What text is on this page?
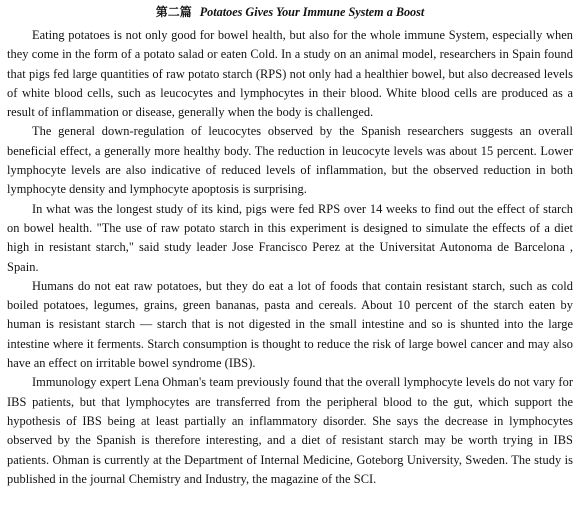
第二篇 Potatoes Gives Your Immune System a Boost

Eating potatoes is not only good for bowel health, but also for the whole immune System, especially when they come in the form of a potato salad or eaten Cold. In a study on an animal model, researchers in Spain found that pigs fed large quantities of raw potato starch (RPS) not only had a healthier bowel, but also decreased levels of white blood cells, such as leucocytes and lymphocytes in their blood. White blood cells are produced as a result of inflammation or disease, generally when the body is challenged.

The general down-regulation of leucocytes observed by the Spanish researchers suggests an overall beneficial effect, a generally more healthy body. The reduction in leucocyte levels was about 15 percent. Lower lymphocyte levels are also indicative of reduced levels of inflammation, but the observed reduction in both lymphocyte density and lymphocyte apoptosis is surprising.

In what was the longest study of its kind, pigs were fed RPS over 14 weeks to find out the effect of starch on bowel health. "The use of raw potato starch in this experiment is designed to simulate the effects of a diet high in resistant starch," said study leader Jose Francisco Perez at the Universitat Autonoma de Barcelona , Spain.

Humans do not eat raw potatoes, but they do eat a lot of foods that contain resistant starch, such as cold boiled potatoes, legumes, grains, green bananas, pasta and cereals. About 10 percent of the starch eaten by human is resistant starch — starch that is not digested in the small intestine and so is shunted into the large intestine where it ferments. Starch consumption is thought to reduce the risk of large bowel cancer and may also have an effect on irritable bowel syndrome (IBS).

Immunology expert Lena Ohman's team previously found that the overall lymphocyte levels do not vary for IBS patients, but that lymphocytes are transferred from the peripheral blood to the gut, which support the hypothesis of IBS being at least partially an inflammatory disorder. She says the decrease in lymphocytes observed by the Spanish is therefore interesting, and a diet of resistant starch may be worth trying in IBS patients. Ohman is currently at the Department of Internal Medicine, Goteborg University, Sweden. The study is published in the journal Chemistry and Industry, the magazine of the SCI.
